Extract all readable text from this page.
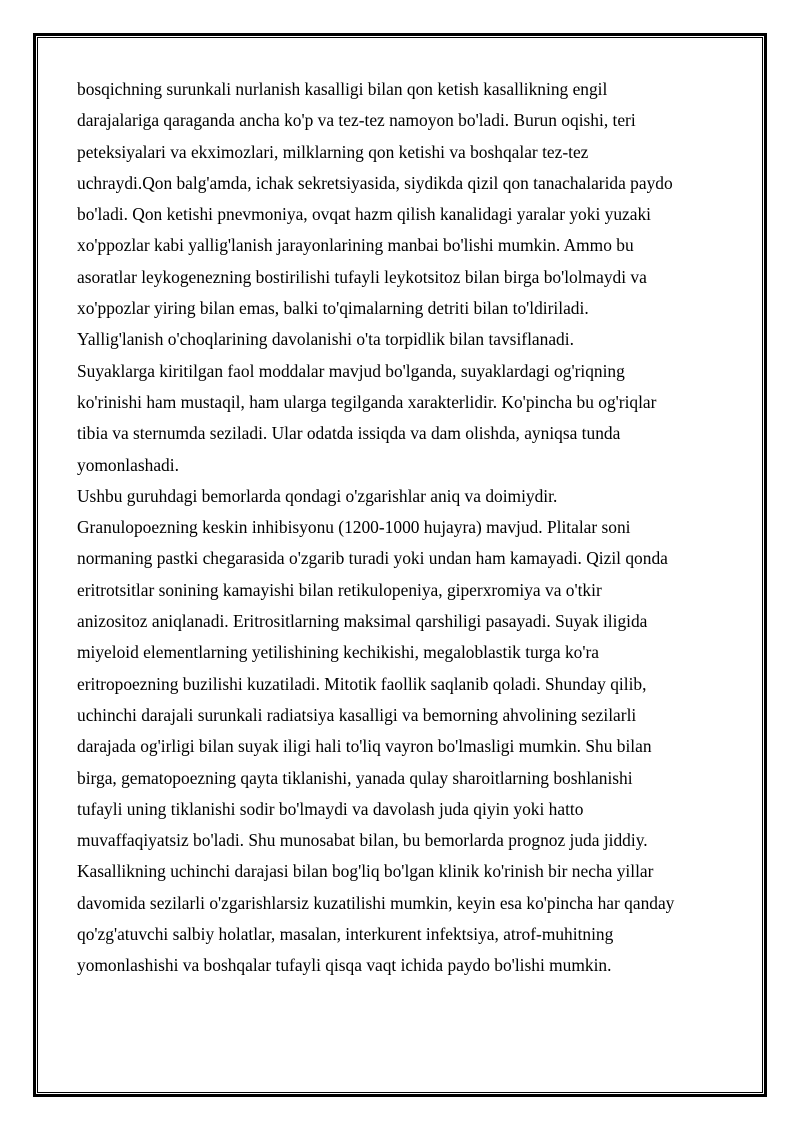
bosqichning surunkali nurlanish kasalligi bilan qon ketish kasallikning engil

darajalariga qaraganda ancha ko'p va tez-tez namoyon bo'ladi. Burun oqishi, teri

peteksiyalari va ekximozlari, milklarning qon ketishi va boshqalar tez-tez

uchraydi.Qon balg'amda, ichak sekretsiyasida, siydikda qizil qon tanachalarida paydo

bo'ladi. Qon ketishi pnevmoniya, ovqat hazm qilish kanalidagi yaralar yoki yuzaki

xo'ppozlar kabi yallig'lanish jarayonlarining manbai bo'lishi mumkin. Ammo bu

asoratlar leykogenezning bostirilishi tufayli leykotsitoz bilan birga bo'lolmaydi va

xo'ppozlar yiring bilan emas, balki to'qimalarning detriti bilan to'ldiriladi.

Yallig'lanish o'choqlarining davolanishi o'ta torpidlik bilan tavsiflanadi.

Suyaklarga kiritilgan faol moddalar mavjud bo'lganda, suyaklardagi og'riqning

ko'rinishi ham mustaqil, ham ularga tegilganda xarakterlidir. Ko'pincha bu og'riqlar

tibia va sternumda seziladi. Ular odatda issiqda va dam olishda, ayniqsa tunda

yomonlashadi.

Ushbu guruhdagi bemorlarda qondagi o'zgarishlar aniq va doimiydir.

Granulopoezning keskin inhibisyonu (1200-1000 hujayra) mavjud. Plitalar soni

normaning pastki chegarasida o'zgarib turadi yoki undan ham kamayadi. Qizil qonda

eritrotsitlar sonining kamayishi bilan retikulopeniya, giperxromiya va o'tkir

anizositoz aniqlanadi. Eritrositlarning maksimal qarshiligi pasayadi. Suyak iligida

miyeloid elementlarning yetilishining kechikishi, megaloblastik turga ko'ra

eritropoezning buzilishi kuzatiladi. Mitotik faollik saqlanib qoladi. Shunday qilib,

uchinchi darajali surunkali radiatsiya kasalligi va bemorning ahvolining sezilarli

darajada og'irligi bilan suyak iligi hali to'liq vayron bo'lmasligi mumkin. Shu bilan

birga, gematopoezning qayta tiklanishi, yanada qulay sharoitlarning boshlanishi

tufayli uning tiklanishi sodir bo'lmaydi va davolash juda qiyin yoki hatto

muvaffaqiyatsiz bo'ladi. Shu munosabat bilan, bu bemorlarda prognoz juda jiddiy.

Kasallikning uchinchi darajasi bilan bog'liq bo'lgan klinik ko'rinish bir necha yillar

davomida sezilarli o'zgarishlarsiz kuzatilishi mumkin, keyin esa ko'pincha har qanday

qo'zg'atuvchi salbiy holatlar, masalan, interkurent infektsiya, atrof-muhitning

yomonlashishi va boshqalar tufayli qisqa vaqt ichida paydo bo'lishi mumkin.
